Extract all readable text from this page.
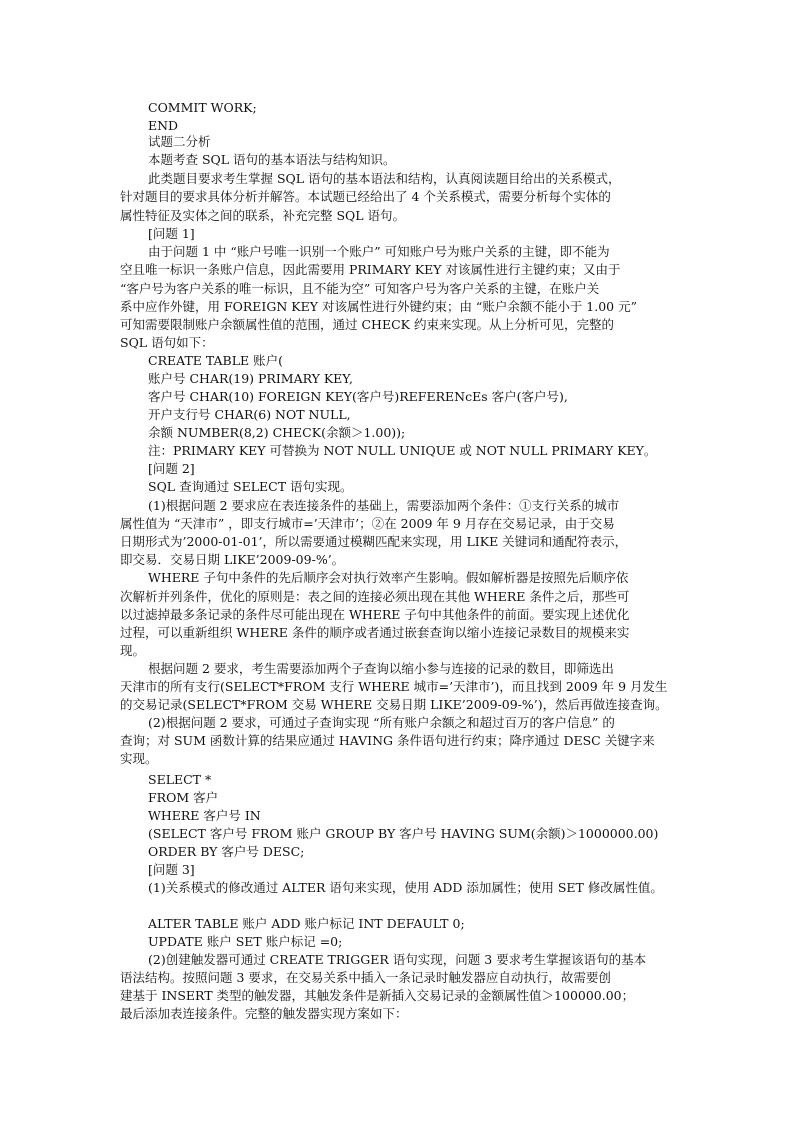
COMMIT WORK;
END
试题二分析
本题考查 SQL 语句的基本语法与结构知识。
此类题目要求考生掌握 SQL 语句的基本语法和结构，认真阅读题目给出的关系模式，
针对题目的要求具体分析并解答。本试题已经给出了 4 个关系模式，需要分析每个实体的
属性特征及实体之间的联系，补充完整 SQL 语句。
[问题 1]
由于问题 1 中 “账户号唯一识别一个账户” 可知账户号为账户关系的主键，即不能为
空且唯一标识一条账户信息，因此需要用 PRIMARY KEY 对该属性进行主键约束；又由于
“客户号为客户关系的唯一标识，且不能为空” 可知客户号为客户关系的主键，在账户关
系中应作外键，用 FOREIGN KEY 对该属性进行外键约束；由 “账户余额不能小于 1.00 元”
可知需要限制账户余额属性值的范围，通过 CHECK 约束来实现。从上分析可见，完整的
SQL 语句如下：
CREATE TABLE 账户(
账户号 CHAR(19) PRIMARY KEY,
客户号 CHAR(10) FOREIGN KEY(客户号)REFERENcEs 客户(客户号),
开户支行号 CHAR(6) NOT NULL,
余额 NUMBER(8,2) CHECK(余额＞1.00));
注：PRIMARY KEY 可替换为 NOT NULL UNIQUE 或 NOT NULL PRIMARY KEY。
[问题 2]
SQL 查询通过 SELECT 语句实现。
(1)根据问题 2 要求应在表连接条件的基础上，需要添加两个条件：①支行关系的城市
属性值为 “天津市” ，即支行城市=’天津市’；②在 2009 年 9 月存在交易记录，由于交易
日期形式为’2000-01-01’，所以需要通过模糊匹配来实现，用 LIKE 关键词和通配符表示，
即交易．交易日期 LIKE’2009-09-%’。
WHERE 子句中条件的先后顺序会对执行效率产生影响。假如解析器是按照先后顺序依
次解析并列条件，优化的原则是：表之间的连接必须出现在其他 WHERE 条件之后，那些可
以过滤掉最多条记录的条件尽可能出现在 WHERE 子句中其他条件的前面。要实现上述优化
过程，可以重新组织 WHERE 条件的顺序或者通过嵌套查询以缩小连接记录数目的规模来实
现。
根据问题 2 要求，考生需要添加两个子查询以缩小参与连接的记录的数目，即筛选出
天津市的所有支行(SELECT*FROM 支行 WHERE 城市=’天津市’)，而且找到 2009 年 9 月发生
的交易记录(SELECT*FROM 交易 WHERE 交易日期 LIKE’2009-09-%’)，然后再做连接查询。
(2)根据问题 2 要求，可通过子查询实现 “所有账户余额之和超过百万的客户信息” 的
查询；对 SUM 函数计算的结果应通过 HAVING 条件语句进行约束；降序通过 DESC 关键字来
实现。
SELECT *
FROM 客户
WHERE 客户号 IN
(SELECT 客户号 FROM 账户 GROUP BY 客户号 HAVING SUM(余额)＞1000000.00)
ORDER BY 客户号 DESC;
[问题 3]
(1)关系模式的修改通过 ALTER 语句来实现，使用 ADD 添加属性；使用 SET 修改属性值。
ALTER TABLE 账户 ADD 账户标记 INT DEFAULT 0;
UPDATE 账户 SET 账户标记 =0;
(2)创建触发器可通过 CREATE TRIGGER 语句实现，问题 3 要求考生掌握该语句的基本
语法结构。按照问题 3 要求，在交易关系中插入一条记录时触发器应自动执行，故需要创
建基于 INSERT 类型的触发器，其触发条件是新插入交易记录的金额属性值＞100000.00；
最后添加表连接条件。完整的触发器实现方案如下：
